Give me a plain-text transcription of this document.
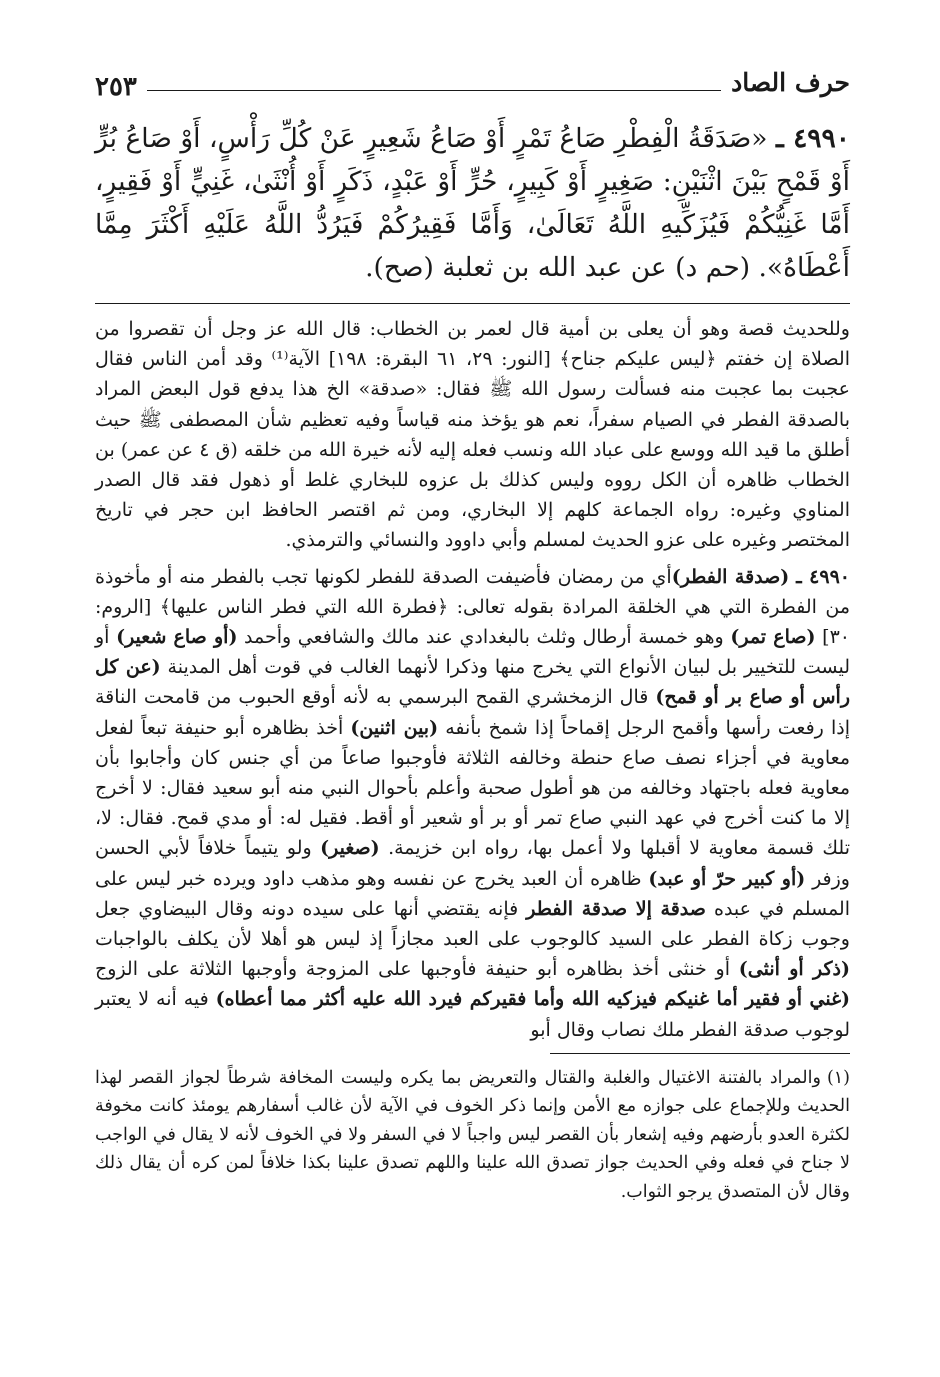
حرف الصاد
٢٥٣
٤٩٩٠ ـ «صَدَقَةُ الْفِطْرِ صَاعُ تَمْرٍ أَوْ صَاعُ شَعِيرٍ عَنْ كُلِّ رَأْسٍ، أَوْ صَاعُ بُرٍّ أَوْ قَمْحٍ بَيْنَ اثْنَيْنِ: صَغِيرٍ أَوْ كَبِيرٍ، حُرٍّ أَوْ عَبْدٍ، ذَكَرٍ أَوْ أُنْثَىٰ، غَنِيٍّ أَوْ فَقِيرٍ، أَمَّا غَنِيُّكُمْ فَيُزَكِّيهِ اللَّهُ تَعَالَىٰ، وَأَمَّا فَقِيرُكُمْ فَيَرُدُّ اللَّهُ عَلَيْهِ أَكْثَرَ مِمَّا أَعْطَاهُ». (حم د) عن عبد الله بن ثعلبة (صح).

وللحديث قصة وهو أن يعلى بن أمية قال لعمر بن الخطاب: قال الله عز وجل أن تقصروا من الصلاة إن خفتم ﴿ليس عليكم جناح﴾ [النور: ٢٩، ٦١ البقرة: ١٩٨] الآية⁽¹⁾ وقد أمن الناس فقال عجبت بما عجبت منه فسألت رسول الله ﷺ فقال: «صدقة» الخ هذا يدفع قول البعض المراد بالصدقة الفطر في الصيام سفراً، نعم هو يؤخذ منه قياساً وفيه تعظيم شأن المصطفى ﷺ حيث أطلق ما قيد الله ووسع على عباد الله ونسب فعله إليه لأنه خيرة الله من خلقه (ق ٤ عن عمر) بن الخطاب ظاهره أن الكل رووه وليس كذلك بل عزوه للبخاري غلط أو ذهول فقد قال الصدر المناوي وغيره: رواه الجماعة كلهم إلا البخاري، ومن ثم اقتصر الحافظ ابن حجر في تاريخ المختصر وغيره على عزو الحديث لمسلم وأبي داوود والنسائي والترمذي.

٤٩٩٠ ـ (صدقة الفطر)أي من رمضان فأضيفت الصدقة للفطر لكونها تجب بالفطر منه أو مأخوذة من الفطرة التي هي الخلقة المرادة بقوله تعالى: ﴿فطرة الله التي فطر الناس عليها﴾ [الروم: ٣٠] (صاع تمر) وهو خمسة أرطال وثلث بالبغدادي عند مالك والشافعي وأحمد (أو صاع شعير) أو ليست للتخيير بل لبيان الأنواع التي يخرج منها وذكرا لأنهما الغالب في قوت أهل المدينة (عن كل رأس أو صاع بر أو قمح) قال الزمخشري القمح البرسمي به لأنه أوقع الحبوب من قامحت الناقة إذا رفعت رأسها وأقمح الرجل إقماحاً إذا شمخ بأنفه (بين اثنين) أخذ بظاهره أبو حنيفة تبعاً لفعل معاوية في أجزاء نصف صاع حنطة وخالفه الثلاثة فأوجبوا صاعاً من أي جنس كان وأجابوا بأن معاوية فعله باجتهاد وخالفه من هو أطول صحبة وأعلم بأحوال النبي منه أبو سعيد فقال: لا أخرج إلا ما كنت أخرج في عهد النبي صاع تمر أو بر أو شعير أو أقط. فقيل له: أو مدي قمح. فقال: لا، تلك قسمة معاوية لا أقبلها ولا أعمل بها، رواه ابن خزيمة. (صغير) ولو يتيماً خلافاً لأبي الحسن وزفر (أو كبير حرّ أو عبد) ظاهره أن العبد يخرج عن نفسه وهو مذهب داود ويرده خبر ليس على المسلم في عبده صدقة إلا صدقة الفطر فإنه يقتضي أنها على سيده دونه وقال البيضاوي جعل وجوب زكاة الفطر على السيد كالوجوب على العبد مجازاً إذ ليس هو أهلا لأن يكلف بالواجبات (ذكر أو أنثى) أو خنثى أخذ بظاهره أبو حنيفة فأوجبها على المزوجة وأوجبها الثلاثة على الزوج (غني أو فقير أما غنيكم فيزكيه الله وأما فقيركم فيرد الله عليه أكثر مما أعطاه) فيه أنه لا يعتبر لوجوب صدقة الفطر ملك نصاب وقال أبو

(١)والمراد بالفتنة الاغتيال والغلبة والقتال والتعريض بما يكره وليست المخافة شرطاً لجواز القصر لهذا الحديث وللإجماع على جوازه مع الأمن وإنما ذكر الخوف في الآية لأن غالب أسفارهم يومئذ كانت مخوفة لكثرة العدو بأرضهم وفيه إشعار بأن القصر ليس واجباً لا في السفر ولا في الخوف لأنه لا يقال في الواجب لا جناح في فعله وفي الحديث جواز تصدق الله علينا واللهم تصدق علينا بكذا خلافاً لمن كره أن يقال ذلك وقال لأن المتصدق يرجو الثواب.
